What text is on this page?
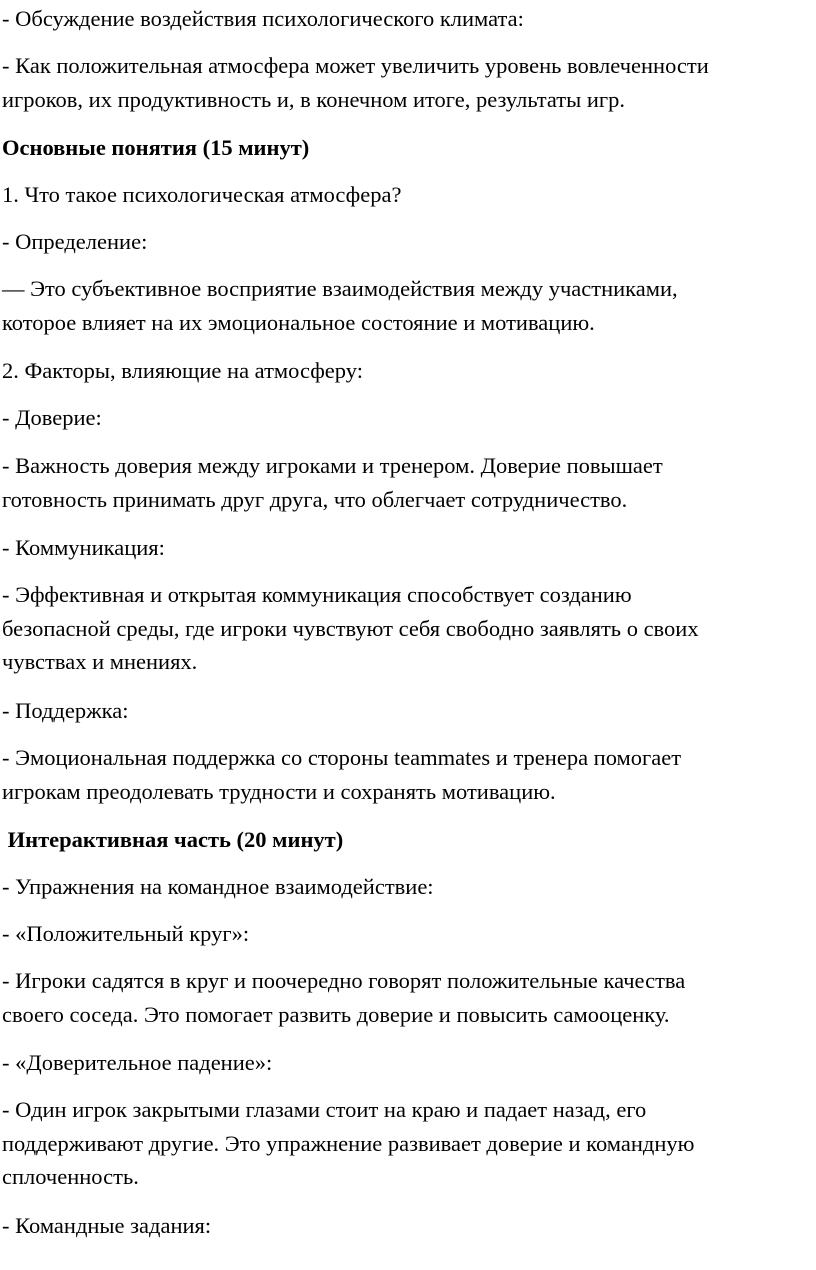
- Обсуждение воздействия психологического климата:

- Как положительная атмосфера может увеличить уровень вовлеченности
игроков, их продуктивность и, в конечном итоге, результаты игр.

Основные понятия (15 минут)

1. Что такое психологическая атмосфера?

- Определение:

— Это субъективное восприятие взаимодействия между участниками,
которое влияет на их эмоциональное состояние и мотивацию.

2. Факторы, влияющие на атмосферу:

- Доверие:

- Важность доверия между игроками и тренером. Доверие повышает
готовность принимать друг друга, что облегчает сотрудничество.

- Коммуникация:

- Эффективная и открытая коммуникация способствует созданию
безопасной среды, где игроки чувствуют себя свободно заявлять о своих
чувствах и мнениях.

- Поддержка:

- Эмоциональная поддержка со стороны teammates и тренера помогает
игрокам преодолевать трудности и сохранять мотивацию.

Интерактивная часть (20 минут)

- Упражнения на командное взаимодействие:

- «Положительный круг»:

- Игроки садятся в круг и поочередно говорят положительные качества
своего соседа. Это помогает развить доверие и повысить самооценку.

- «Доверительное падение»:

- Один игрок закрытыми глазами стоит на краю и падает назад, его
поддерживают другие. Это упражнение развивает доверие и командную
сплоченность.

- Командные задания:
